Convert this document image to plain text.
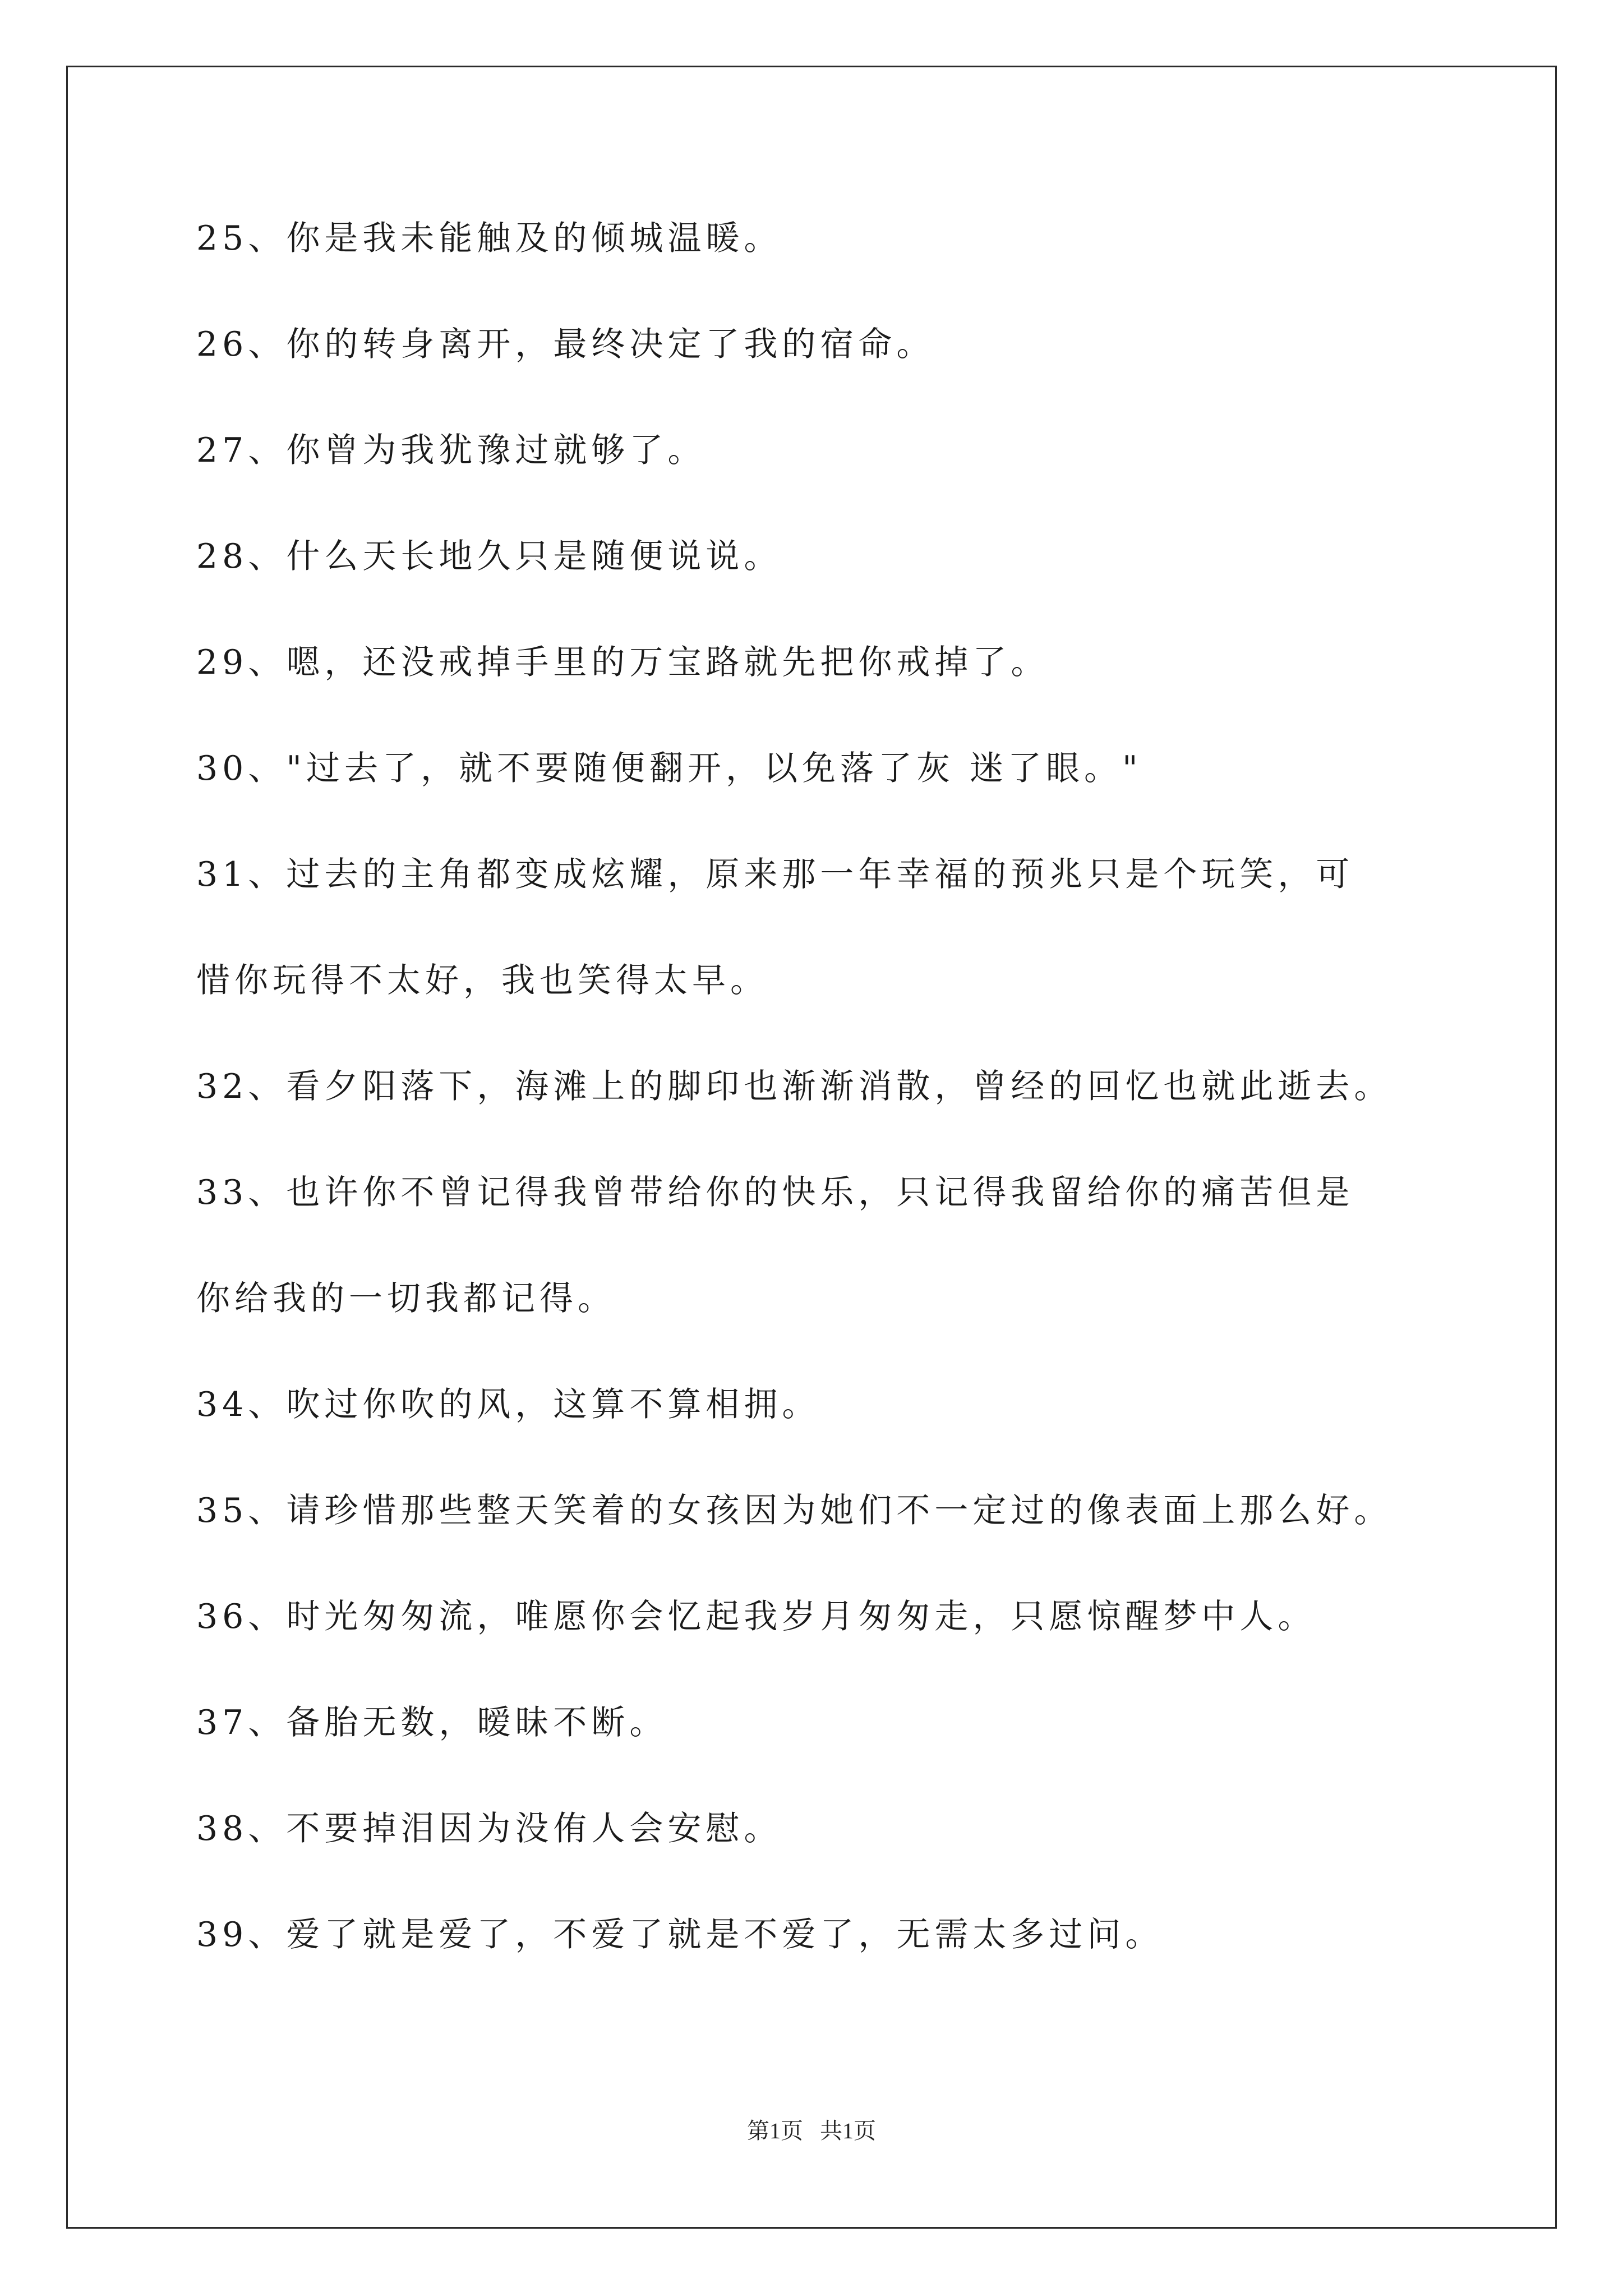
25、你是我未能触及的倾城温暖。
26、你的转身离开，最终决定了我的宿命。
27、你曾为我犹豫过就够了。
28、什么天长地久只是随便说说。
29、嗯，还没戒掉手里的万宝路就先把你戒掉了。
30、"过去了，就不要随便翻开，以免落了灰 迷了眼。"
31、过去的主角都变成炫耀，原来那一年幸福的预兆只是个玩笑，可
惜你玩得不太好，我也笑得太早。
32、看夕阳落下，海滩上的脚印也渐渐消散，曾经的回忆也就此逝去。
33、也许你不曾记得我曾带给你的快乐，只记得我留给你的痛苦但是
你给我的一切我都记得。
34、吹过你吹的风，这算不算相拥。
35、请珍惜那些整天笑着的女孩因为她们不一定过的像表面上那么好。
36、时光匆匆流，唯愿你会忆起我岁月匆匆走，只愿惊醒梦中人。
37、备胎无数，暧昧不断。
38、不要掉泪因为没侑人会安慰。
39、爱了就是爱了，不爱了就是不爱了，无需太多过问。
第1页   共1页
